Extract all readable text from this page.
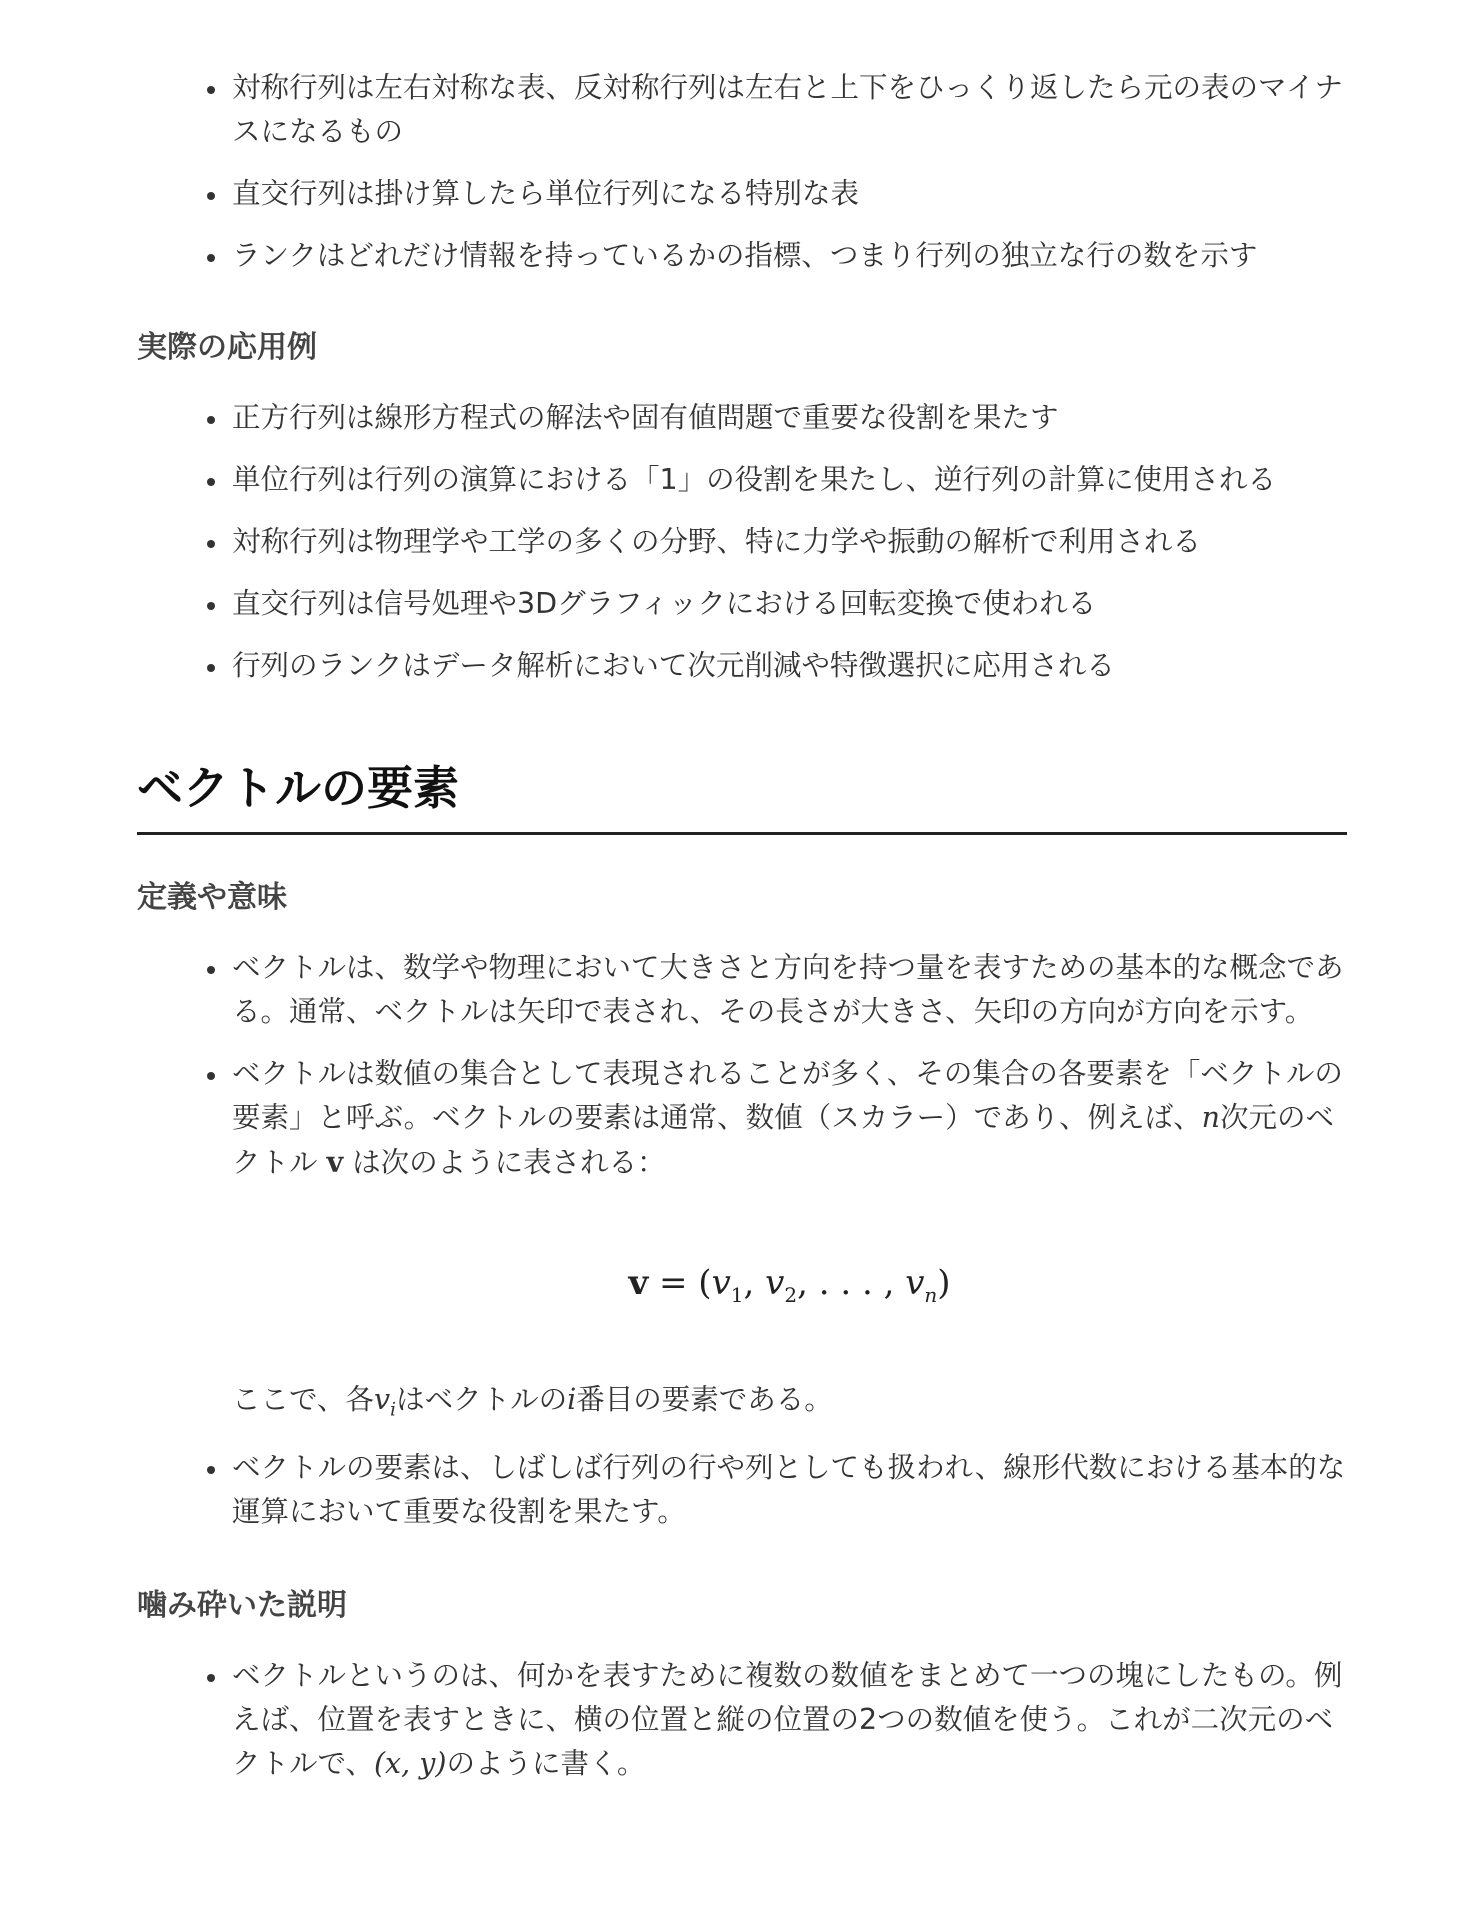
対称行列は左右対称な表、反対称行列は左右と上下をひっくり返したら元の表のマイナスになるもの
直交行列は掛け算したら単位行列になる特別な表
ランクはどれだけ情報を持っているかの指標、つまり行列の独立な行の数を示す
実際の応用例
正方行列は線形方程式の解法や固有値問題で重要な役割を果たす
単位行列は行列の演算における「1」の役割を果たし、逆行列の計算に使用される
対称行列は物理学や工学の多くの分野、特に力学や振動の解析で利用される
直交行列は信号処理や3Dグラフィックにおける回転変換で使われる
行列のランクはデータ解析において次元削減や特徴選択に応用される
ベクトルの要素
定義や意味
ベクトルは、数学や物理において大きさと方向を持つ量を表すための基本的な概念である。通常、ベクトルは矢印で表され、その長さが大きさ、矢印の方向が方向を示す。
ベクトルは数値の集合として表現されることが多く、その集合の各要素を「ベクトルの要素」と呼ぶ。ベクトルの要素は通常、数値（スカラー）であり、例えば、n次元のベクトル v は次のように表される：
$v = (v_1$, $v_2$, . . . , $v_n$)
ここで、各$v_i$はベクトルのi番目の要素である。
ベクトルの要素は、しばしば行列の行や列としても扱われ、線形代数における基本的な運算において重要な役割を果たす。
噛み砕いた説明
ベクトルというのは、何かを表すために複数の数値をまとめて一つの塊にしたもの。例えば、位置を表すときに、横の位置と縦の位置の2つの数値を使う。これが二次元のベクトルで、(x, y)のように書く。
